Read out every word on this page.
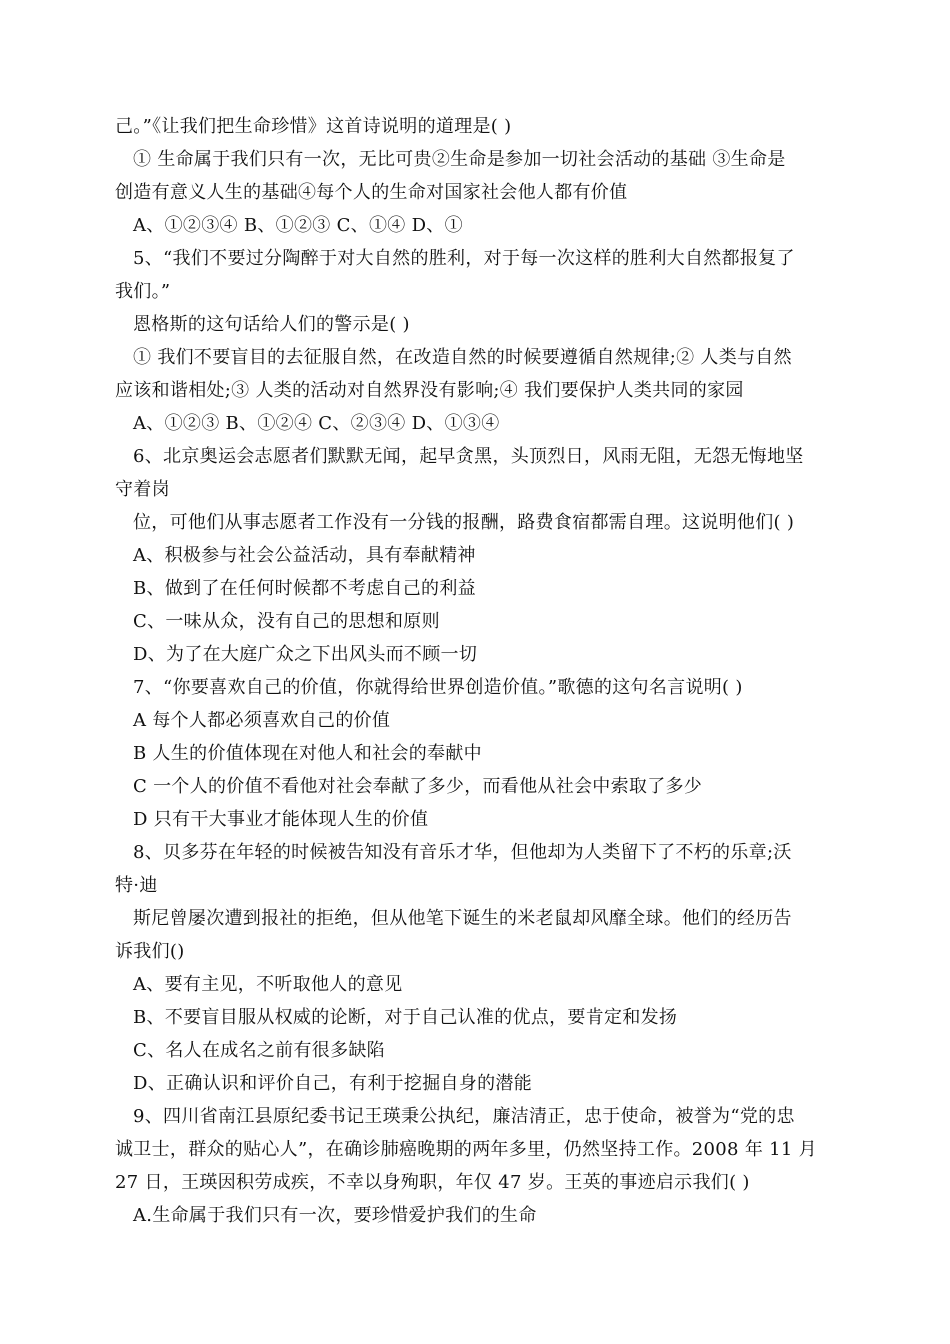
己。”《让我们把生命珍惜》这首诗说明的道理是( )
① 生命属于我们只有一次，无比可贵②生命是参加一切社会活动的基础 ③生命是
创造有意义人生的基础④每个人的生命对国家社会他人都有价值
A、①②③④ B、①②③ C、①④ D、①
5、“我们不要过分陶醉于对大自然的胜利，对于每一次这样的胜利大自然都报复了
我们。”
恩格斯的这句话给人们的警示是( )
① 我们不要盲目的去征服自然，在改造自然的时候要遵循自然规律;② 人类与自然
应该和谐相处;③ 人类的活动对自然界没有影响;④ 我们要保护人类共同的家园
A、①②③ B、①②④ C、②③④ D、①③④
6、北京奥运会志愿者们默默无闻，起早贪黑，头顶烈日，风雨无阻，无怨无悔地坚
守着岗
位，可他们从事志愿者工作没有一分钱的报酬，路费食宿都需自理。这说明他们( )
A、积极参与社会公益活动，具有奉献精神
B、做到了在任何时候都不考虑自己的利益
C、一味从众，没有自己的思想和原则
D、为了在大庭广众之下出风头而不顾一切
7、“你要喜欢自己的价值，你就得给世界创造价值。”歌德的这句名言说明( )
A 每个人都必须喜欢自己的价值
B 人生的价值体现在对他人和社会的奉献中
C 一个人的价值不看他对社会奉献了多少，而看他从社会中索取了多少
D 只有干大事业才能体现人生的价值
8、贝多芬在年轻的时候被告知没有音乐才华，但他却为人类留下了不朽的乐章;沃
特·迪
斯尼曾屡次遭到报社的拒绝，但从他笔下诞生的米老鼠却风靡全球。他们的经历告
诉我们()
A、要有主见，不听取他人的意见
B、不要盲目服从权威的论断，对于自己认准的优点，要肯定和发扬
C、名人在成名之前有很多缺陷
D、正确认识和评价自己，有利于挖掘自身的潜能
9、四川省南江县原纪委书记王瑛秉公执纪，廉洁清正，忠于使命，被誉为“党的忠
诚卫士，群众的贴心人”，在确诊肺癌晚期的两年多里，仍然坚持工作。2008 年 11 月
27 日，王瑛因积劳成疾，不幸以身殉职，年仅 47 岁。王英的事迹启示我们( )
A.生命属于我们只有一次，要珍惜爱护我们的生命
